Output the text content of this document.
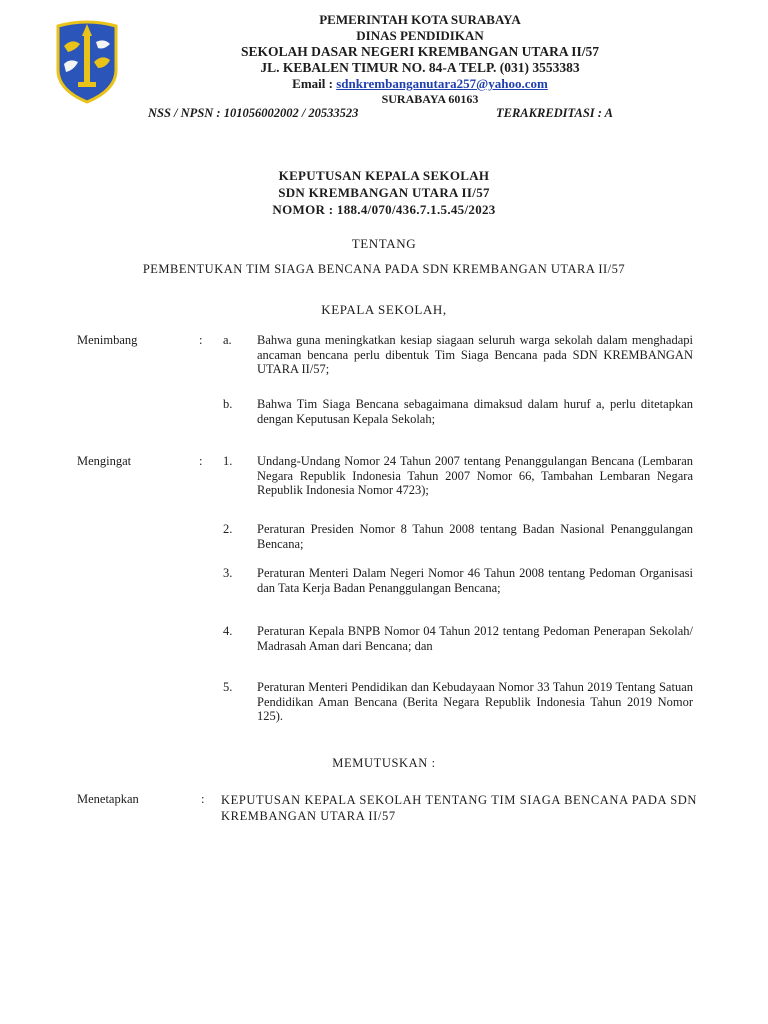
PEMERINTAH KOTA SURABAYA
DINAS PENDIDIKAN
SEKOLAH DASAR NEGERI KREMBANGAN UTARA II/57
JL. KEBALEN TIMUR NO. 84-A TELP. (031) 3553383
Email : sdnkrembanganutara257@yahoo.com
SURABAYA 60163
NSS / NPSN : 101056002002 / 20533523	TERAKREDITASI : A
KEPUTUSAN KEPALA SEKOLAH
SDN KREMBANGAN UTARA II/57
NOMOR : 188.4/070/436.7.1.5.45/2023
TENTANG
PEMBENTUKAN TIM SIAGA BENCANA PADA SDN KREMBANGAN UTARA II/57
KEPALA SEKOLAH,
Menimbang	: a. Bahwa guna meningkatkan kesiap siagaan seluruh warga sekolah dalam menghadapi ancaman bencana perlu dibentuk Tim Siaga Bencana pada SDN KREMBANGAN UTARA II/57;
b. Bahwa Tim Siaga Bencana sebagaimana dimaksud dalam huruf a, perlu ditetapkan dengan Keputusan Kepala Sekolah;
Mengingat	: 1. Undang-Undang Nomor 24 Tahun 2007 tentang Penanggulangan Bencana (Lembaran Negara Republik Indonesia Tahun 2007 Nomor 66, Tambahan Lembaran Negara Republik Indonesia Nomor 4723);
2. Peraturan Presiden Nomor 8 Tahun 2008 tentang Badan Nasional Penanggulangan Bencana;
3. Peraturan Menteri Dalam Negeri Nomor 46 Tahun 2008 tentang Pedoman Organisasi dan Tata Kerja Badan Penanggulangan Bencana;
4. Peraturan Kepala BNPB Nomor 04 Tahun 2012 tentang Pedoman Penerapan Sekolah/ Madrasah Aman dari Bencana; dan
5. Peraturan Menteri Pendidikan dan Kebudayaan Nomor 33 Tahun 2019 Tentang Satuan Pendidikan Aman Bencana (Berita Negara Republik Indonesia Tahun 2019 Nomor 125).
MEMUTUSKAN :
Menetapkan	: KEPUTUSAN KEPALA SEKOLAH TENTANG TIM SIAGA BENCANA PADA SDN KREMBANGAN UTARA II/57
